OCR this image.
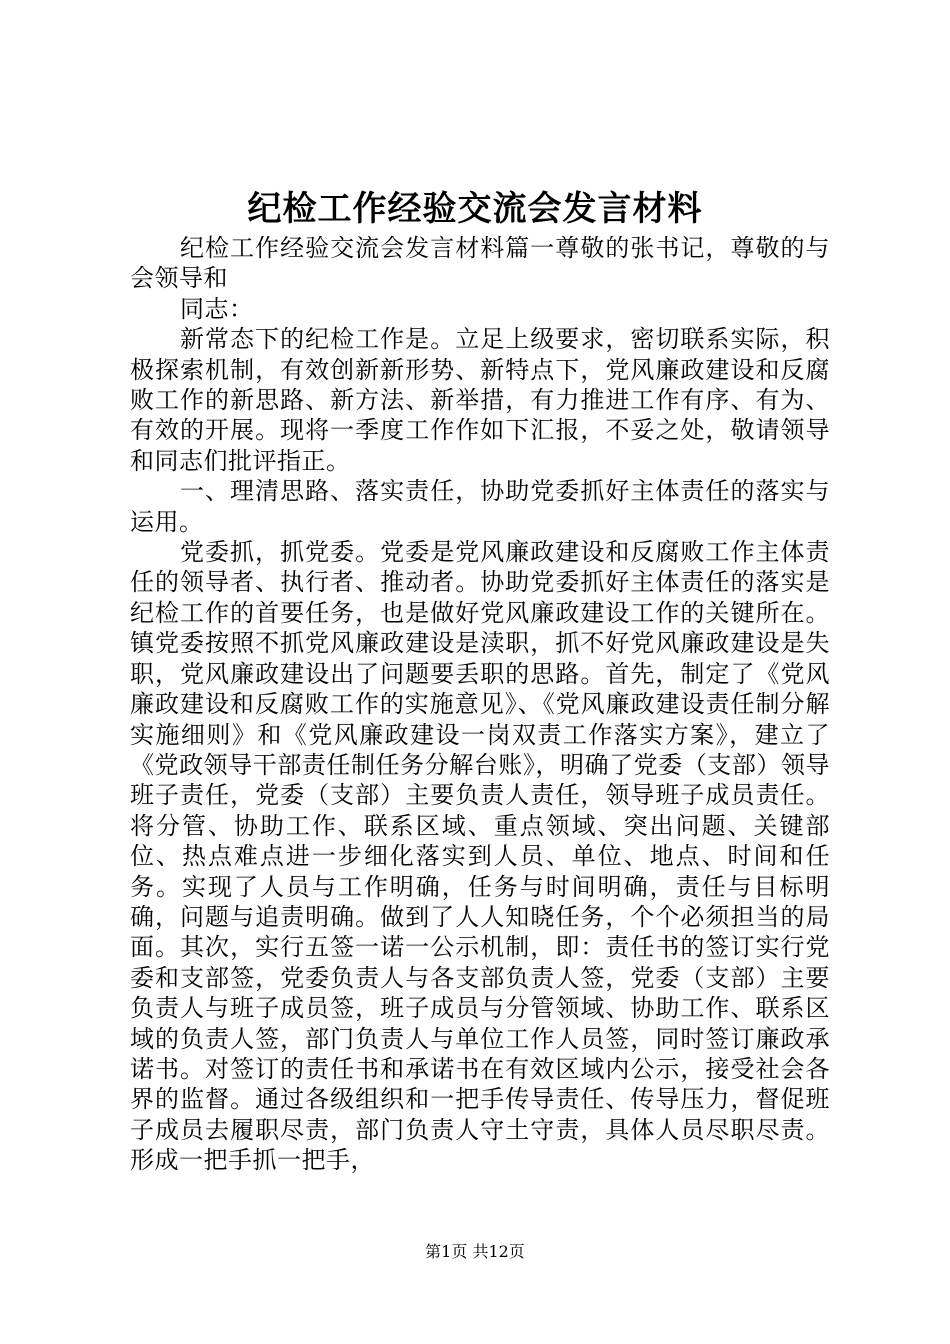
纪检工作经验交流会发言材料

纪检工作经验交流会发言材料篇一尊敬的张书记，尊敬的与会领导和

同志：

新常态下的纪检工作是。立足上级要求，密切联系实际，积极探索机制，有效创新新形势、新特点下，党风廉政建设和反腐败工作的新思路、新方法、新举措，有力推进工作有序、有为、有效的开展。现将一季度工作作如下汇报，不妥之处，敬请领导和同志们批评指正。

一、理清思路、落实责任，协助党委抓好主体责任的落实与运用。

党委抓，抓党委。党委是党风廉政建设和反腐败工作主体责任的领导者、执行者、推动者。协助党委抓好主体责任的落实是纪检工作的首要任务，也是做好党风廉政建设工作的关键所在。镇党委按照不抓党风廉政建设是渎职，抓不好党风廉政建设是失职，党风廉政建设出了问题要丢职的思路。首先，制定了《党风廉政建设和反腐败工作的实施意见》、《党风廉政建设责任制分解实施细则》和《党风廉政建设一岗双责工作落实方案》，建立了《党政领导干部责任制任务分解台账》，明确了党委（支部）领导班子责任，党委（支部）主要负责人责任，领导班子成员责任。将分管、协助工作、联系区域、重点领域、突出问题、关键部位、热点难点进一步细化落实到人员、单位、地点、时间和任务。实现了人员与工作明确，任务与时间明确，责任与目标明确，问题与追责明确。做到了人人知晓任务，个个必须担当的局面。其次，实行五签一诺一公示机制，即：责任书的签订实行党委和支部签，党委负责人与各支部负责人签，党委（支部）主要负责人与班子成员签，班子成员与分管领域、协助工作、联系区域的负责人签，部门负责人与单位工作人员签，同时签订廉政承诺书。对签订的责任书和承诺书在有效区域内公示，接受社会各界的监督。通过各级组织和一把手传导责任、传导压力，督促班子成员去履职尽责，部门负责人守土守责，具体人员尽职尽责。形成一把手抓一把手，

第1页 共12页
